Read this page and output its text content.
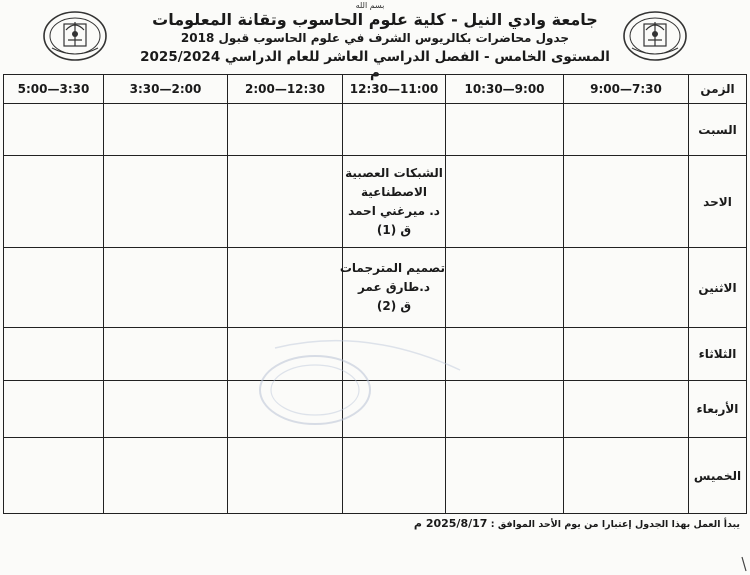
بسم الله
جامعة وادي النيل - كلية علوم الحاسوب وتقانة المعلومات
جدول محاضرات بكالريوس الشرف في علوم الحاسوب قبول 2018
المستوى الخامس - الفصل الدراسي العاشر للعام الدراسي 2025/2024 م
5:00—3:30	3:30—2:00	2:00—12:30	12:30—11:00	10:30—9:00	9:00—7:30	الزمن
						السبت

			الشبكات العصبية
الاصطناعية
د. ميرغني احمد
ق (1)			الاحد

			تصميم المترجمات
د.طارق عمر
ق (2)			الاثنين
						الثلاثاء
						الأربعاء
						الخميس
يبدأ العمل بهذا الجدول إعتبارا من يوم الأحد الموافق : 2025/8/17 م
